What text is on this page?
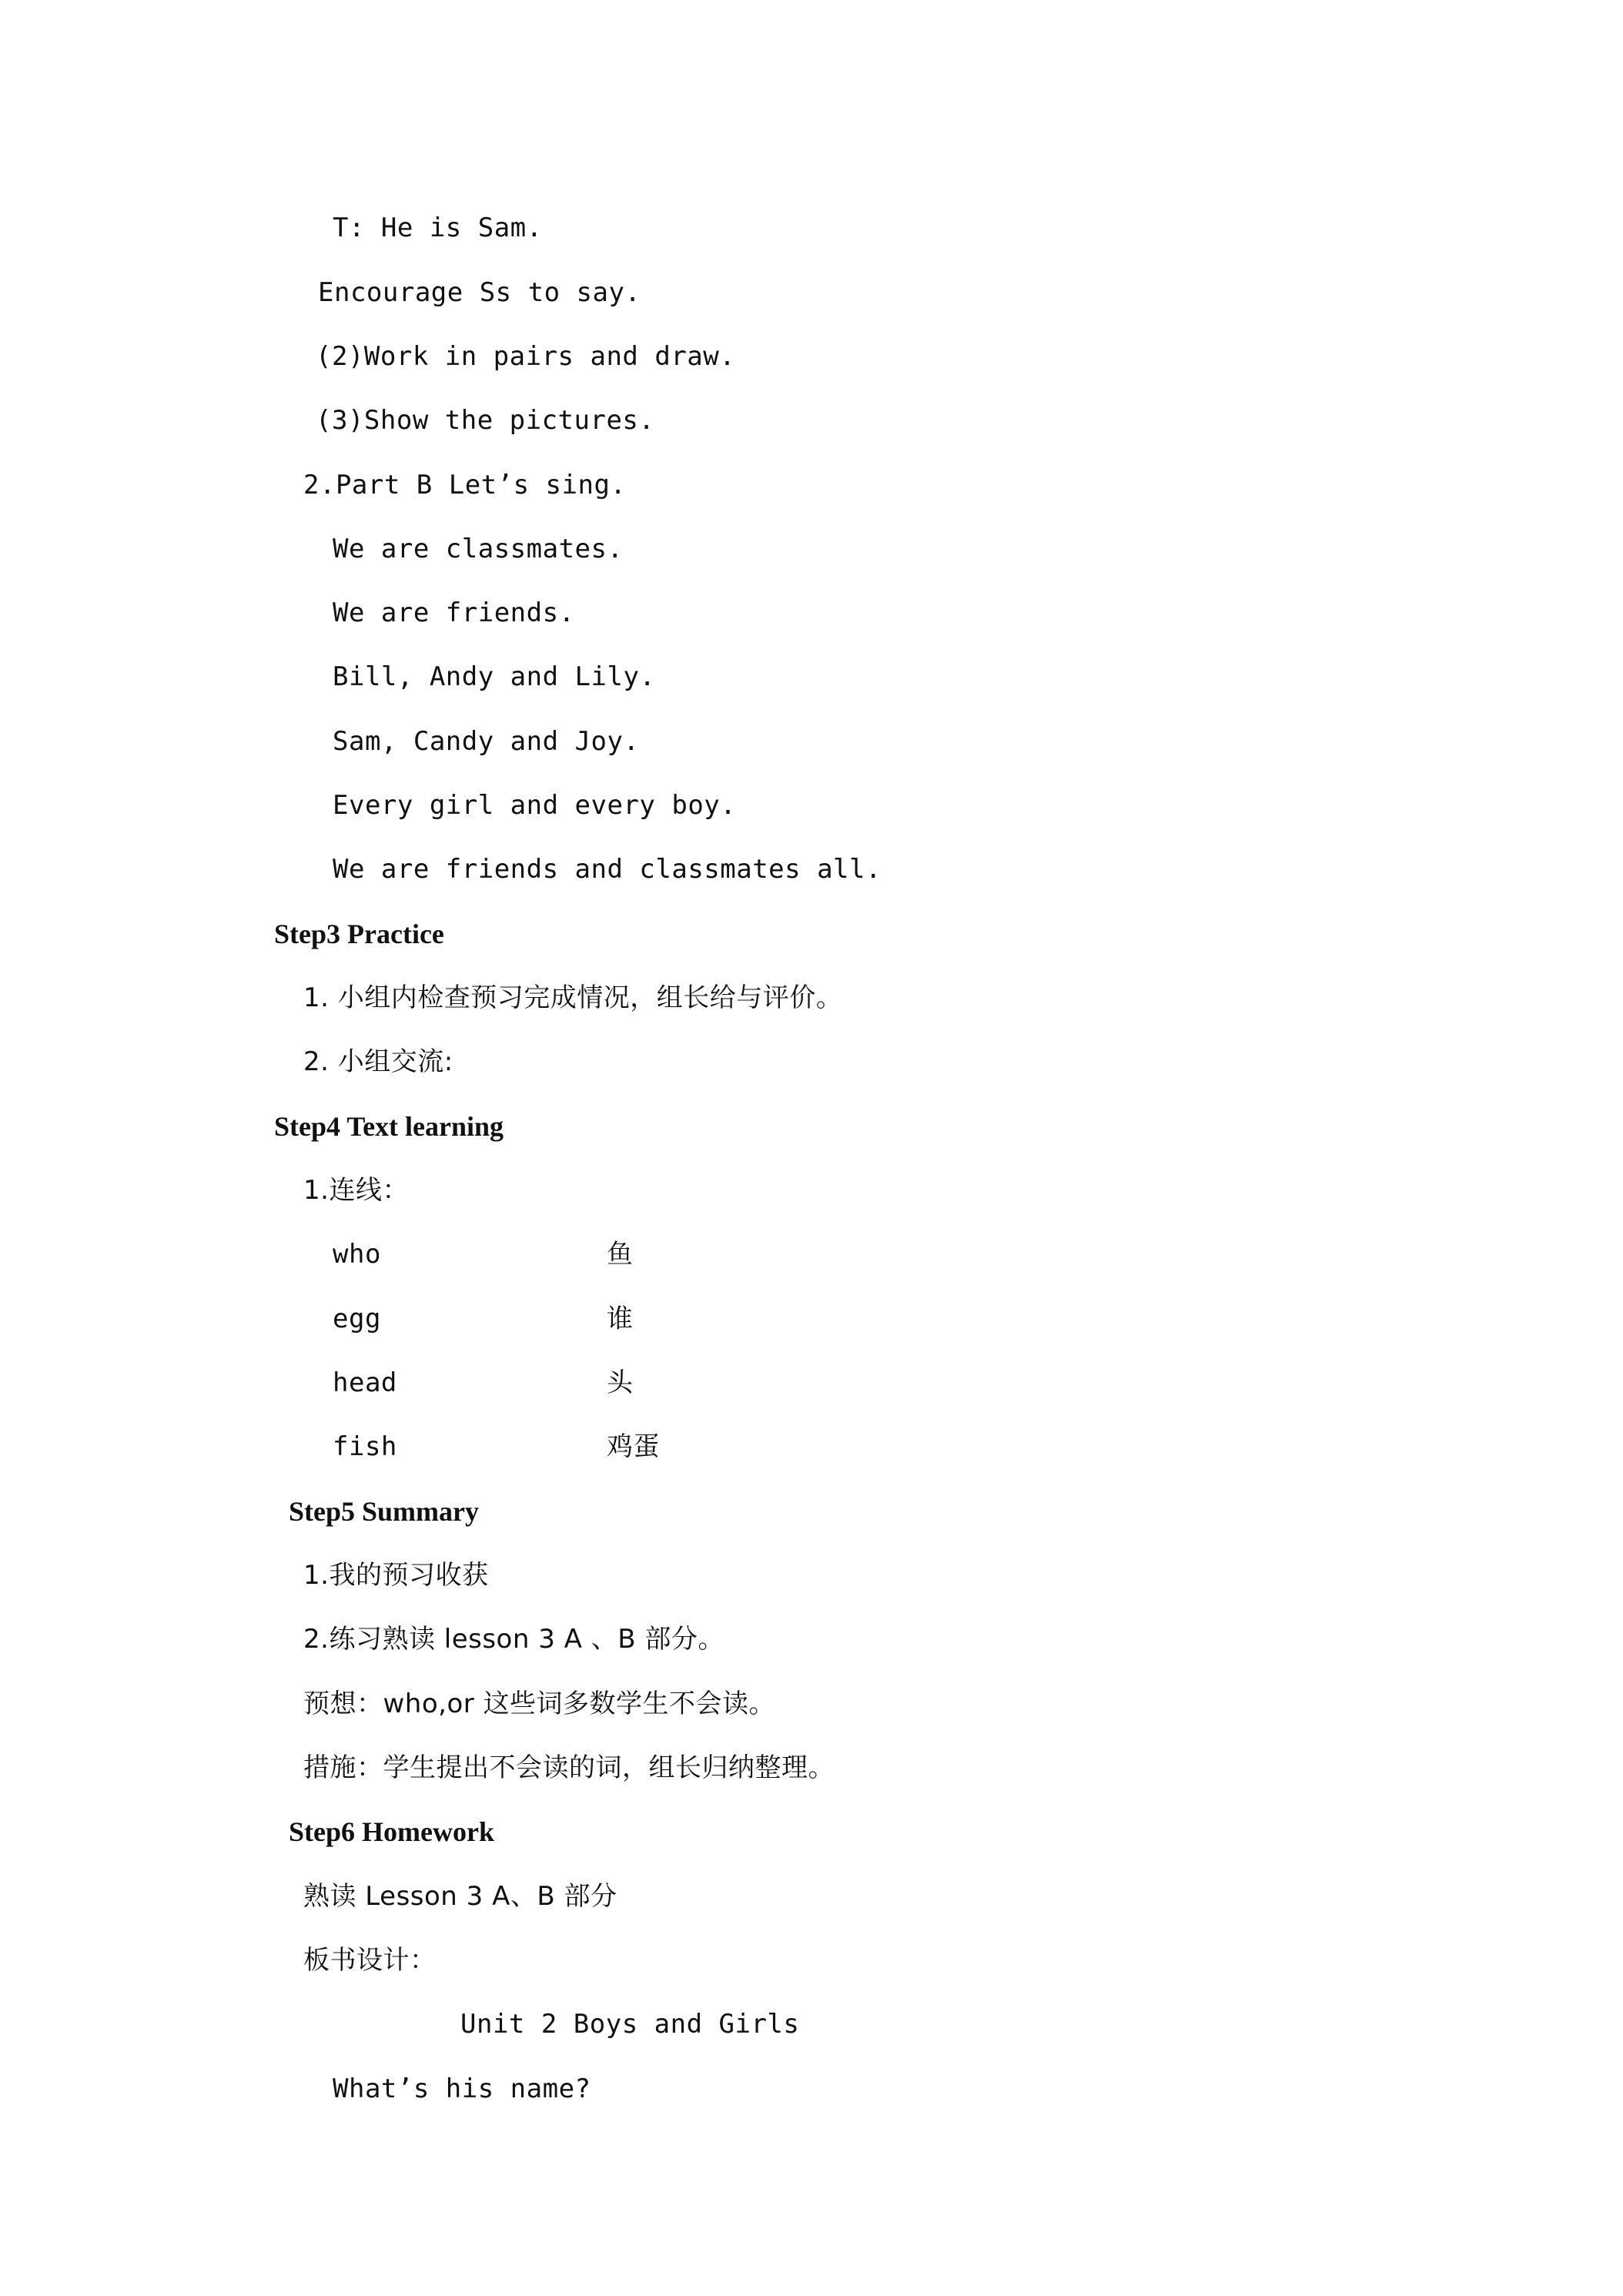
T: He is Sam.
Encourage Ss to say.
(2)Work in pairs and draw.
(3)Show the pictures.
2.Part B Let’s sing.
We are classmates.
We are friends.
Bill, Andy and Lily.
Sam, Candy and Joy.
Every girl and every boy.
We are friends and classmates all.
Step3 Practice
1. 小组内检查预习完成情况，组长给与评价。
2. 小组交流:
Step4 Text learning
1.连线：
who	鱼
egg	谁
head	头
fish	鸡蛋
Step5 Summary
1.我的预习收获
2.练习熟读 lesson 3 A 、B 部分。
预想：who,or 这些词多数学生不会读。
措施：学生提出不会读的词，组长归纳整理。
Step6 Homework
熟读 Lesson 3 A、B 部分
板书设计：
Unit 2 Boys and Girls
What’s his name?
